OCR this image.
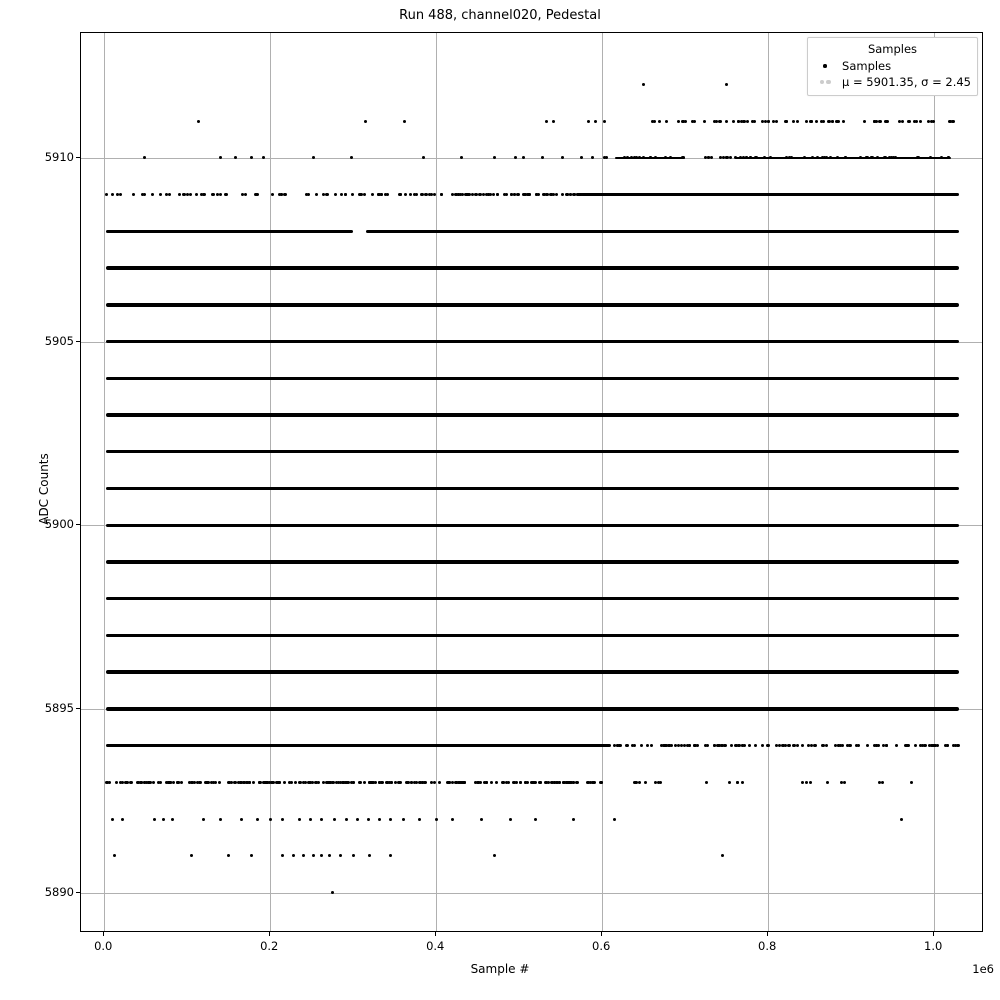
Run 488, channel020, Pedestal
Samples
Samples
μ = 5901.35, σ = 2.45
0.0	0.2	0.4	0.6	0.8	1.0
5890
5895
5900
5905
5910
Sample #
ADC Counts
1e6
